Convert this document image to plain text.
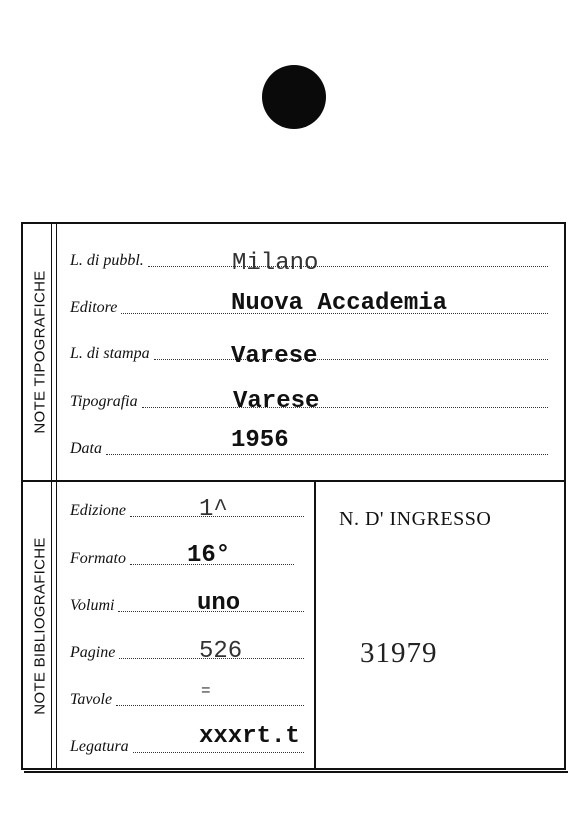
NOTE TIPOGRAFICHE
L. di pubbl.	Milano
Editore	Nuova Accademia
L. di stampa	Varese
Tipografia	Varese
Data	1956
NOTE BIBLIOGRAFICHE
Edizione	1^
Formato	16°
Volumi	uno
Pagine	526
Tavole	=
Legatura	xxxrt.t
N. D' INGRESSO
31979
